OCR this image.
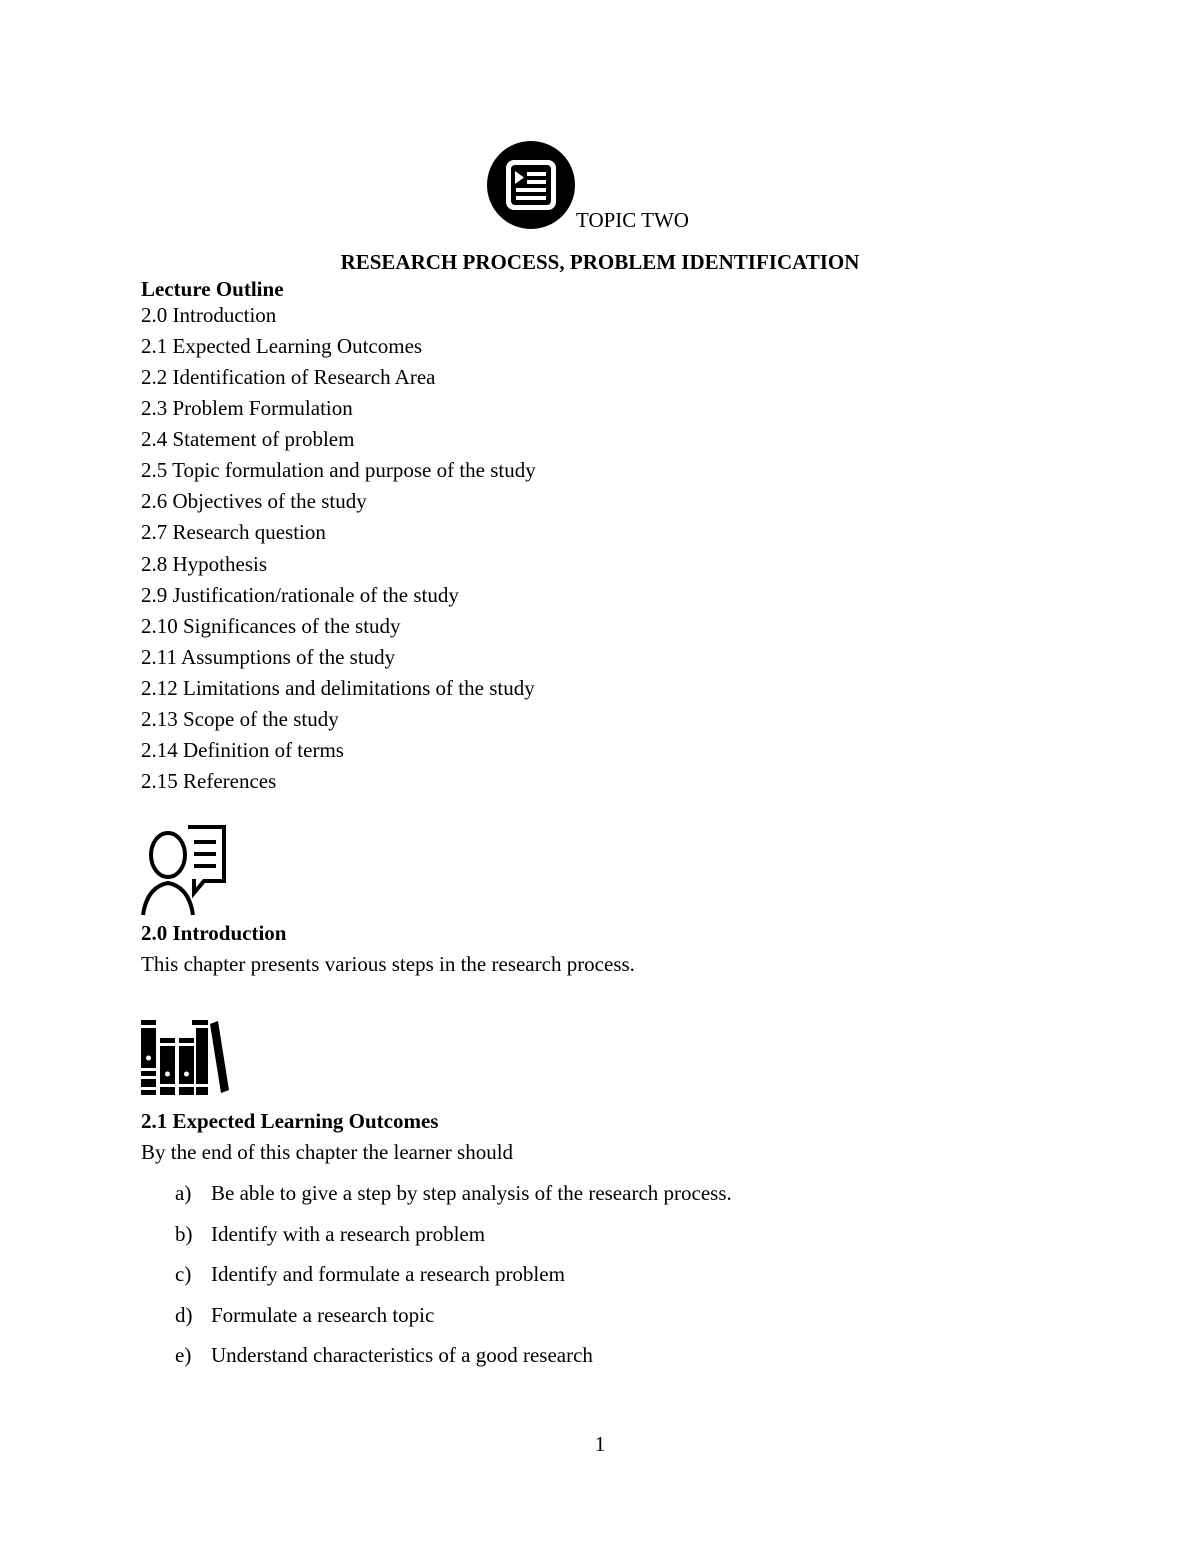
TOPIC TWO
RESEARCH PROCESS, PROBLEM IDENTIFICATION
Lecture Outline
2.0 Introduction
2.1 Expected Learning Outcomes
2.2 Identification of Research Area
2.3 Problem Formulation
2.4 Statement of problem
2.5 Topic formulation and purpose of the study
2.6 Objectives of the study
2.7 Research question
2.8 Hypothesis
2.9 Justification/rationale of the study
2.10 Significances of the study
2.11 Assumptions of the study
2.12 Limitations and delimitations of the study
2.13 Scope of the study
2.14 Definition of terms
2.15 References
2.0 Introduction
This chapter presents various steps in the research process.
2.1 Expected Learning Outcomes
By the end of this chapter the learner should
a) Be able to give a step by step analysis of the research process.
b) Identify with a research problem
c) Identify and formulate a research problem
d) Formulate a research topic
e) Understand characteristics of a good research
1
